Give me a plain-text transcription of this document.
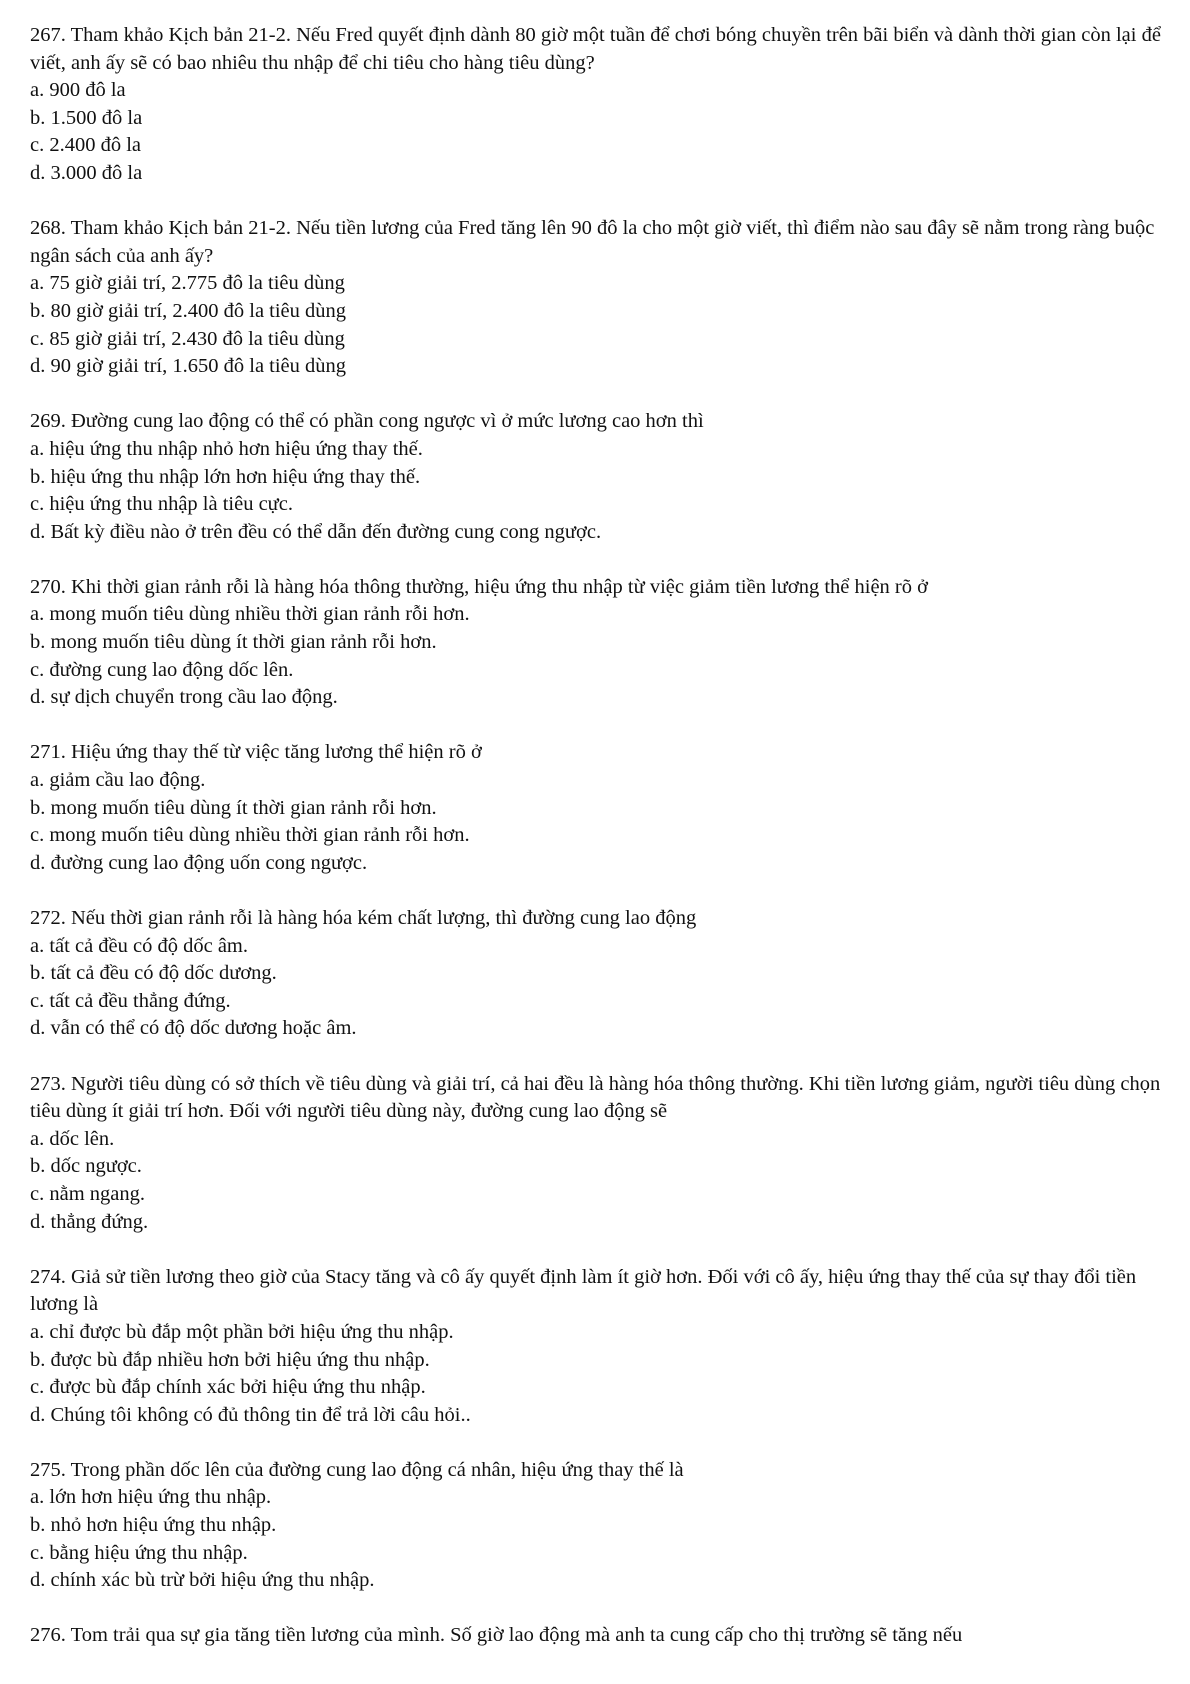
267. Tham khảo Kịch bản 21-2. Nếu Fred quyết định dành 80 giờ một tuần để chơi bóng chuyền trên bãi biển và dành thời gian còn lại để viết, anh ấy sẽ có bao nhiêu thu nhập để chi tiêu cho hàng tiêu dùng?

a. 900 đô la
b. 1.500 đô la
c. 2.400 đô la
d. 3.000 đô la

268. Tham khảo Kịch bản 21-2. Nếu tiền lương của Fred tăng lên 90 đô la cho một giờ viết, thì điểm nào sau đây sẽ nằm trong ràng buộc ngân sách của anh ấy?

a. 75 giờ giải trí, 2.775 đô la tiêu dùng
b. 80 giờ giải trí, 2.400 đô la tiêu dùng
c. 85 giờ giải trí, 2.430 đô la tiêu dùng
d. 90 giờ giải trí, 1.650 đô la tiêu dùng

269. Đường cung lao động có thể có phần cong ngược vì ở mức lương cao hơn thì

a. hiệu ứng thu nhập nhỏ hơn hiệu ứng thay thế.
b. hiệu ứng thu nhập lớn hơn hiệu ứng thay thế.
c. hiệu ứng thu nhập là tiêu cực.
d. Bất kỳ điều nào ở trên đều có thể dẫn đến đường cung cong ngược.

270. Khi thời gian rảnh rỗi là hàng hóa thông thường, hiệu ứng thu nhập từ việc giảm tiền lương thể hiện rõ ở

a. mong muốn tiêu dùng nhiều thời gian rảnh rỗi hơn.
b. mong muốn tiêu dùng ít thời gian rảnh rỗi hơn.
c. đường cung lao động dốc lên.
d. sự dịch chuyển trong cầu lao động.

271. Hiệu ứng thay thế từ việc tăng lương thể hiện rõ ở

a. giảm cầu lao động.
b. mong muốn tiêu dùng ít thời gian rảnh rỗi hơn.
c. mong muốn tiêu dùng nhiều thời gian rảnh rỗi hơn.
d. đường cung lao động uốn cong ngược.

272. Nếu thời gian rảnh rỗi là hàng hóa kém chất lượng, thì đường cung lao động

a. tất cả đều có độ dốc âm.
b. tất cả đều có độ dốc dương.
c. tất cả đều thẳng đứng.
d. vẫn có thể có độ dốc dương hoặc âm.

273. Người tiêu dùng có sở thích về tiêu dùng và giải trí, cả hai đều là hàng hóa thông thường. Khi tiền lương giảm, người tiêu dùng chọn tiêu dùng ít giải trí hơn. Đối với người tiêu dùng này, đường cung lao động sẽ

a. dốc lên.
b. dốc ngược.
c. nằm ngang.
d. thẳng đứng.

274. Giả sử tiền lương theo giờ của Stacy tăng và cô ấy quyết định làm ít giờ hơn. Đối với cô ấy, hiệu ứng thay thế của sự thay đổi tiền lương là

a. chỉ được bù đắp một phần bởi hiệu ứng thu nhập.
b. được bù đắp nhiều hơn bởi hiệu ứng thu nhập.
c. được bù đắp chính xác bởi hiệu ứng thu nhập.
d. Chúng tôi không có đủ thông tin để trả lời câu hỏi..

275. Trong phần dốc lên của đường cung lao động cá nhân, hiệu ứng thay thế là

a. lớn hơn hiệu ứng thu nhập.
b. nhỏ hơn hiệu ứng thu nhập.
c. bằng hiệu ứng thu nhập.
d. chính xác bù trừ bởi hiệu ứng thu nhập.

276. Tom trải qua sự gia tăng tiền lương của mình. Số giờ lao động mà anh ta cung cấp cho thị trường sẽ tăng nếu
